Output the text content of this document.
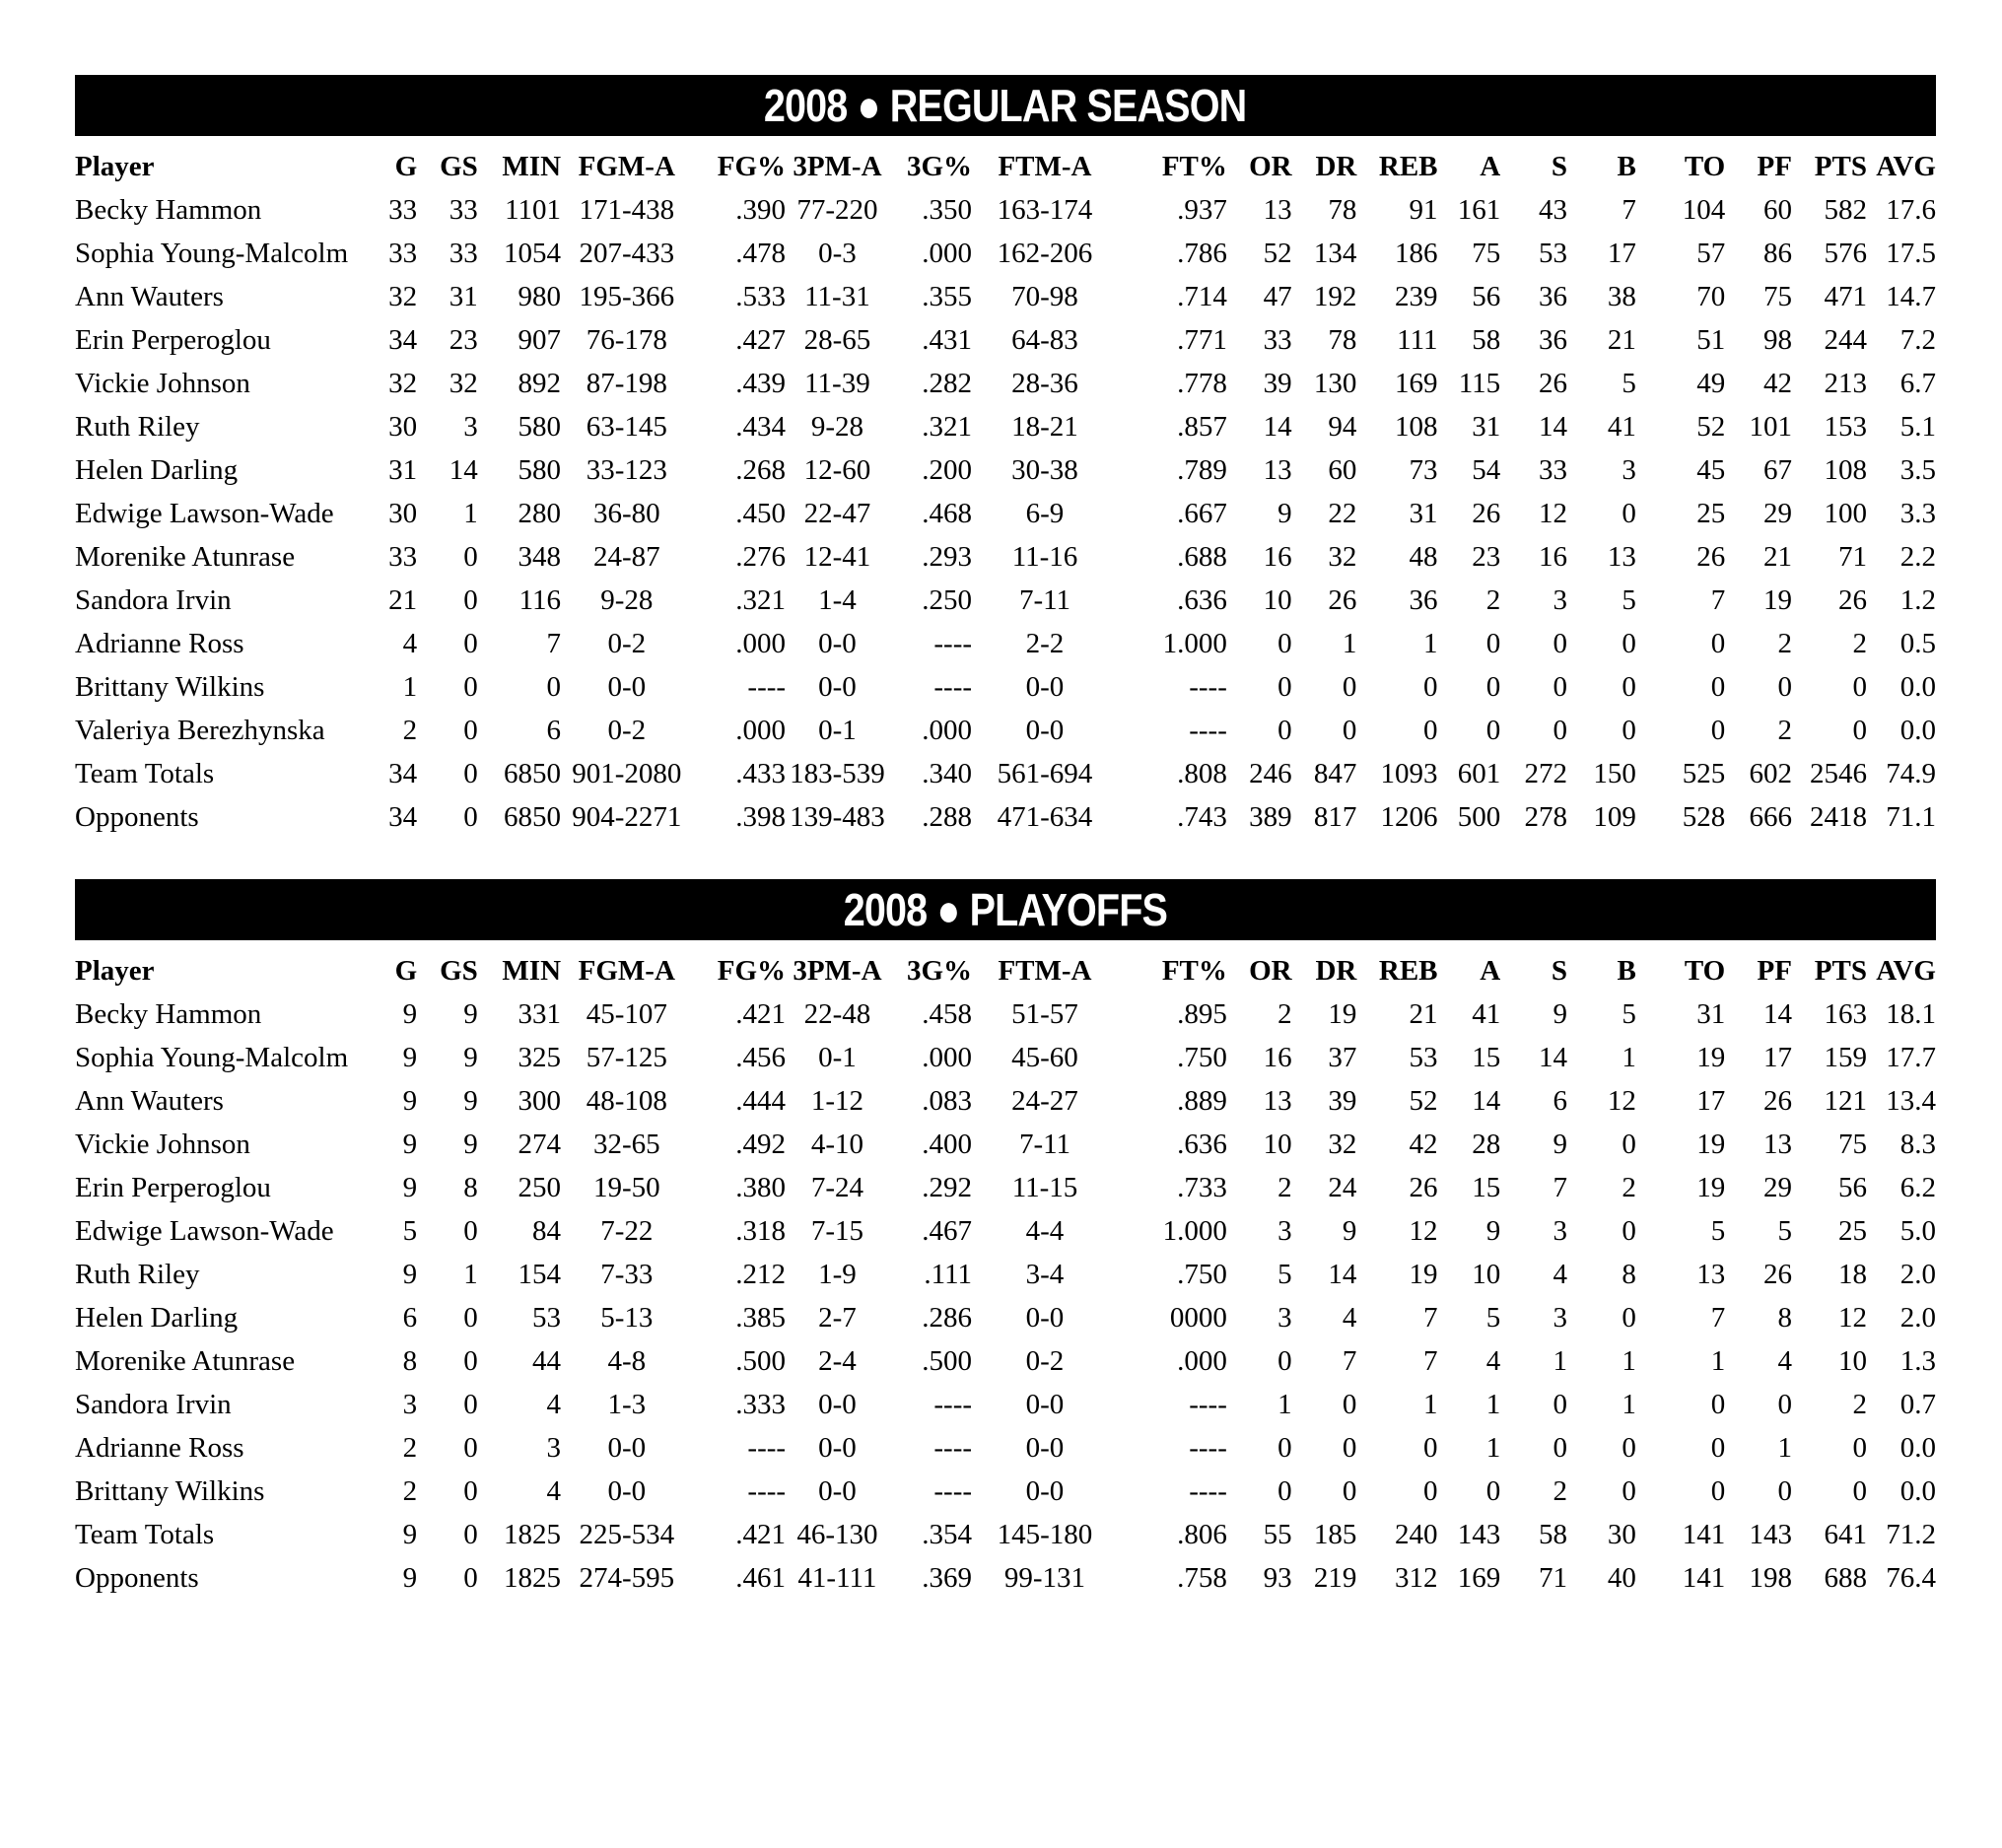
2008 ● REGULAR SEASON
Player	G	GS	MIN	FGM-A	FG%	3PM-A	3G%	FTM-A	FT%	OR	DR	REB	A	S	B	TO	PF	PTS	AVG
Becky Hammon	33	33	1101	171-438	.390	77-220	.350	163-174	.937	13	78	91	161	43	7	104	60	582	17.6
Sophia Young-Malcolm	33	33	1054	207-433	.478	0-3	.000	162-206	.786	52	134	186	75	53	17	57	86	576	17.5
Ann Wauters	32	31	980	195-366	.533	11-31	.355	70-98	.714	47	192	239	56	36	38	70	75	471	14.7
Erin Perperoglou	34	23	907	76-178	.427	28-65	.431	64-83	.771	33	78	111	58	36	21	51	98	244	7.2
Vickie Johnson	32	32	892	87-198	.439	11-39	.282	28-36	.778	39	130	169	115	26	5	49	42	213	6.7
Ruth Riley	30	3	580	63-145	.434	9-28	.321	18-21	.857	14	94	108	31	14	41	52	101	153	5.1
Helen Darling	31	14	580	33-123	.268	12-60	.200	30-38	.789	13	60	73	54	33	3	45	67	108	3.5
Edwige Lawson-Wade	30	1	280	36-80	.450	22-47	.468	6-9	.667	9	22	31	26	12	0	25	29	100	3.3
Morenike Atunrase	33	0	348	24-87	.276	12-41	.293	11-16	.688	16	32	48	23	16	13	26	21	71	2.2
Sandora Irvin	21	0	116	9-28	.321	1-4	.250	7-11	.636	10	26	36	2	3	5	7	19	26	1.2
Adrianne Ross	4	0	7	0-2	.000	0-0	----	2-2	1.000	0	1	1	0	0	0	0	2	2	0.5
Brittany Wilkins	1	0	0	0-0	----	0-0	----	0-0	----	0	0	0	0	0	0	0	0	0	0.0
Valeriya Berezhynska	2	0	6	0-2	.000	0-1	.000	0-0	----	0	0	0	0	0	0	0	2	0	0.0
Team Totals	34	0	6850	901-2080	.433	183-539	.340	561-694	.808	246	847	1093	601	272	150	525	602	2546	74.9
Opponents	34	0	6850	904-2271	.398	139-483	.288	471-634	.743	389	817	1206	500	278	109	528	666	2418	71.1
2008 ● PLAYOFFS
Player	G	GS	MIN	FGM-A	FG%	3PM-A	3G%	FTM-A	FT%	OR	DR	REB	A	S	B	TO	PF	PTS	AVG
Becky Hammon	9	9	331	45-107	.421	22-48	.458	51-57	.895	2	19	21	41	9	5	31	14	163	18.1
Sophia Young-Malcolm	9	9	325	57-125	.456	0-1	.000	45-60	.750	16	37	53	15	14	1	19	17	159	17.7
Ann Wauters	9	9	300	48-108	.444	1-12	.083	24-27	.889	13	39	52	14	6	12	17	26	121	13.4
Vickie Johnson	9	9	274	32-65	.492	4-10	.400	7-11	.636	10	32	42	28	9	0	19	13	75	8.3
Erin Perperoglou	9	8	250	19-50	.380	7-24	.292	11-15	.733	2	24	26	15	7	2	19	29	56	6.2
Edwige Lawson-Wade	5	0	84	7-22	.318	7-15	.467	4-4	1.000	3	9	12	9	3	0	5	5	25	5.0
Ruth Riley	9	1	154	7-33	.212	1-9	.111	3-4	.750	5	14	19	10	4	8	13	26	18	2.0
Helen Darling	6	0	53	5-13	.385	2-7	.286	0-0	0000	3	4	7	5	3	0	7	8	12	2.0
Morenike Atunrase	8	0	44	4-8	.500	2-4	.500	0-2	.000	0	7	7	4	1	1	1	4	10	1.3
Sandora Irvin	3	0	4	1-3	.333	0-0	----	0-0	----	1	0	1	1	0	1	0	0	2	0.7
Adrianne Ross	2	0	3	0-0	----	0-0	----	0-0	----	0	0	0	1	0	0	0	1	0	0.0
Brittany Wilkins	2	0	4	0-0	----	0-0	----	0-0	----	0	0	0	0	2	0	0	0	0	0.0
Team Totals	9	0	1825	225-534	.421	46-130	.354	145-180	.806	55	185	240	143	58	30	141	143	641	71.2
Opponents	9	0	1825	274-595	.461	41-111	.369	99-131	.758	93	219	312	169	71	40	141	198	688	76.4
